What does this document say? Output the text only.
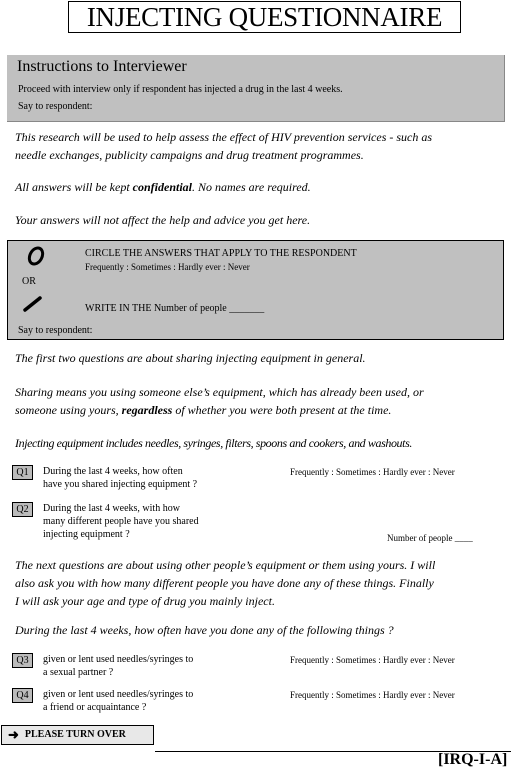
INJECTING QUESTIONNAIRE
Instructions to Interviewer
Proceed with interview only if respondent has injected a drug in the last 4 weeks.
Say to respondent:
This research will be used to help assess the effect of HIV prevention services - such as
needle exchanges, publicity campaigns and drug treatment programmes.
All answers will be kept confidential. No names are required.
Your answers will not affect the help and advice you get here.
OR
CIRCLE THE ANSWERS THAT APPLY TO THE RESPONDENT
Frequently : Sometimes : Hardly ever : Never
WRITE IN THE Number of people _______
Say to respondent:
The first two questions are about sharing injecting equipment in general.
Sharing means you using someone else’s equipment, which has already been used, or
someone using yours, regardless of whether you were both present at the time.
Injecting equipment includes needles, syringes, filters, spoons and cookers, and washouts.
Q1	During the last 4 weeks, how often
have you shared injecting equipment ?
Frequently : Sometimes : Hardly ever : Never
Q2	During the last 4 weeks, with how
many different people have you shared
injecting equipment ?	Number of people ____
The next questions are about using other people’s equipment or them using yours. I will
also ask you with how many different people you have done any of these things. Finally
I will ask your age and type of drug you mainly inject.
During the last 4 weeks, how often have you done any of the following things ?
Q3	given or lent used needles/syringes to
a sexual partner ?
Frequently : Sometimes : Hardly ever : Never
Q4	given or lent used needles/syringes to
a friend or acquaintance ?
Frequently : Sometimes : Hardly ever : Never
➜ PLEASE TURN OVER
[IRQ-I-A]
